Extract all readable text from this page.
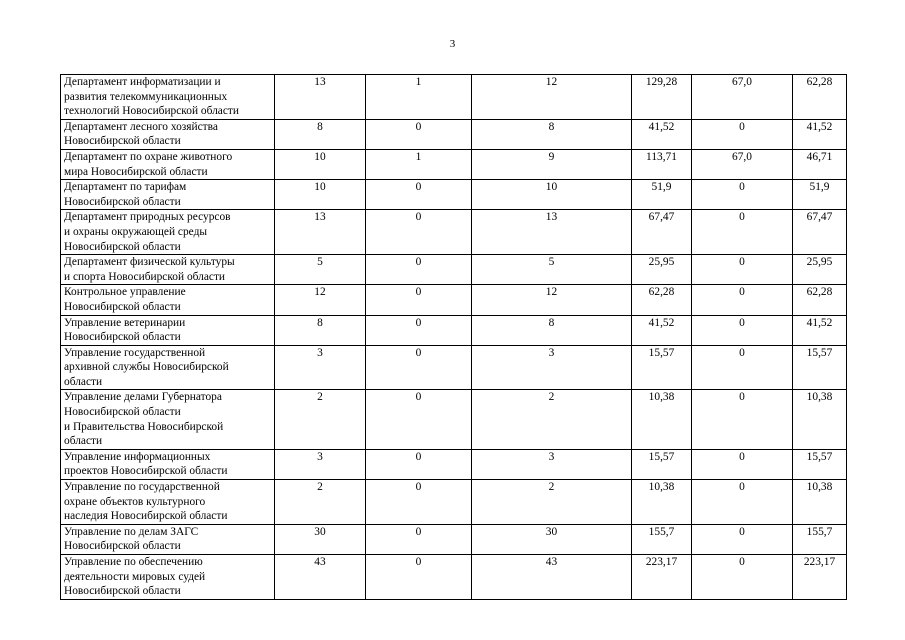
3
Департамент информатизации и
развития телекоммуникационных
технологий Новосибирской области	13	1	12	129,28	67,0	62,28
Департамент лесного хозяйства
Новосибирской области	8	0	8	41,52	0	41,52
Департамент по охране животного
мира Новосибирской области	10	1	9	113,71	67,0	46,71
Департамент по тарифам
Новосибирской области	10	0	10	51,9	0	51,9
Департамент природных ресурсов
и охраны окружающей среды
Новосибирской области	13	0	13	67,47	0	67,47
Департамент физической культуры
и спорта Новосибирской области	5	0	5	25,95	0	25,95
Контрольное управление
Новосибирской области	12	0	12	62,28	0	62,28
Управление ветеринарии
Новосибирской области	8	0	8	41,52	0	41,52
Управление государственной
архивной службы Новосибирской
области	3	0	3	15,57	0	15,57
Управление делами Губернатора
Новосибирской области
и Правительства Новосибирской
области	2	0	2	10,38	0	10,38
Управление информационных
проектов Новосибирской области	3	0	3	15,57	0	15,57
Управление по государственной
охране объектов культурного
наследия Новосибирской области	2	0	2	10,38	0	10,38
Управление по делам ЗАГС
Новосибирской области	30	0	30	155,7	0	155,7
Управление по обеспечению
деятельности мировых судей
Новосибирской области	43	0	43	223,17	0	223,17
